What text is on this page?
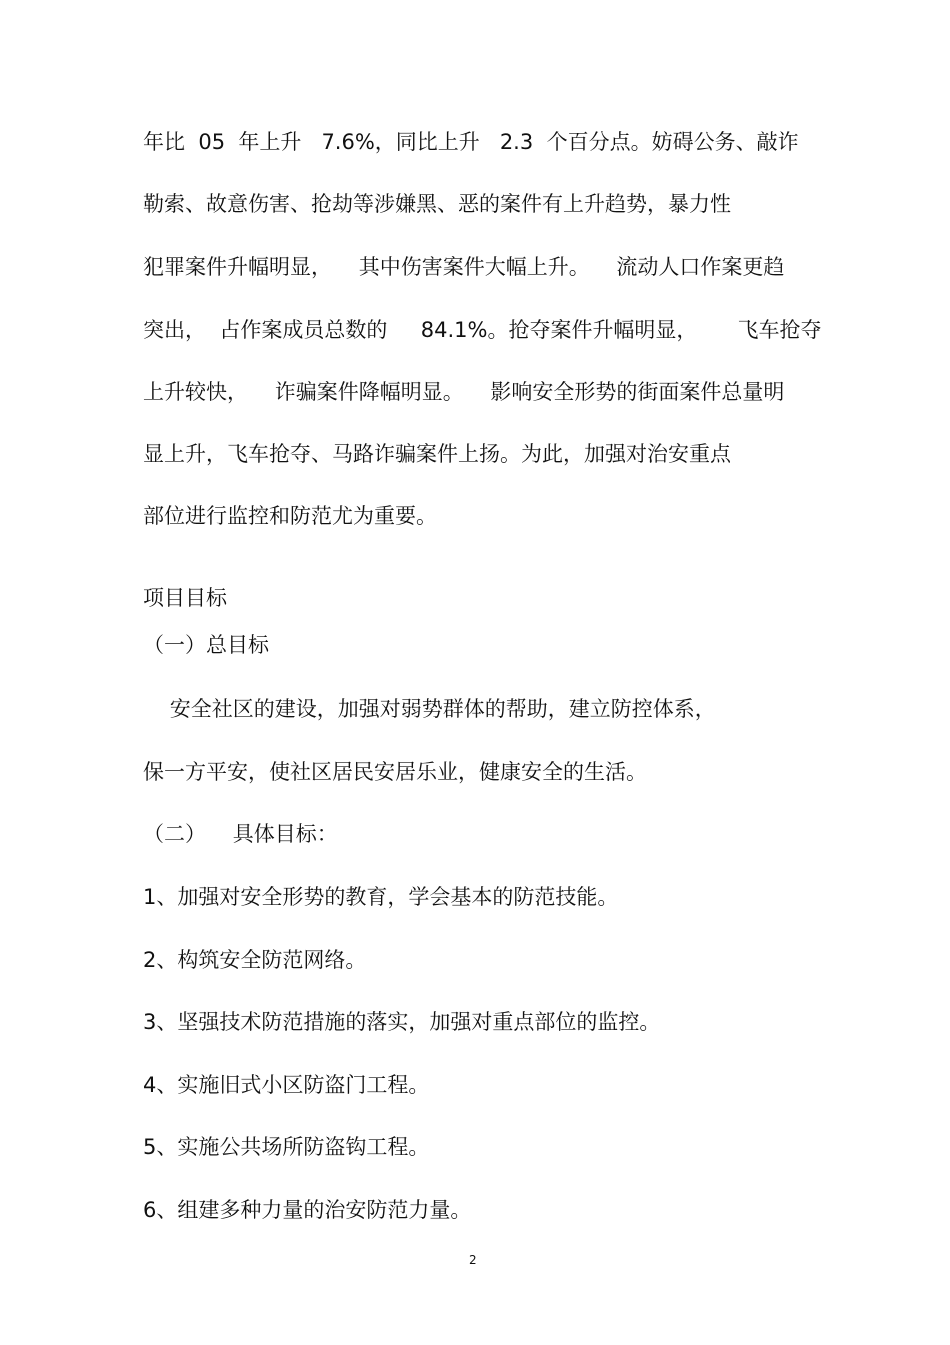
年比  05  年上升   7.6%，同比上升   2.3  个百分点。妨碍公务、敲诈
勒索、故意伤害、抢劫等涉嫌黑、恶的案件有上升趋势，暴力性
犯罪案件升幅明显，    其中伤害案件大幅上升。    流动人口作案更趋
突出，  占作案成员总数的     84.1%。抢夺案件升幅明显，      飞车抢夺
上升较快，    诈骗案件降幅明显。    影响安全形势的街面案件总量明
显上升，飞车抢夺、马路诈骗案件上扬。为此，加强对治安重点
部位进行监控和防范尤为重要。
项目目标
（一）总目标
安全社区的建设，加强对弱势群体的帮助，建立防控体系，
保一方平安，使社区居民安居乐业，健康安全的生活。
（二）    具体目标：
1、加强对安全形势的教育，学会基本的防范技能。
2、构筑安全防范网络。
3、坚强技术防范措施的落实，加强对重点部位的监控。
4、实施旧式小区防盗门工程。
5、实施公共场所防盗钩工程。
6、组建多种力量的治安防范力量。
2
